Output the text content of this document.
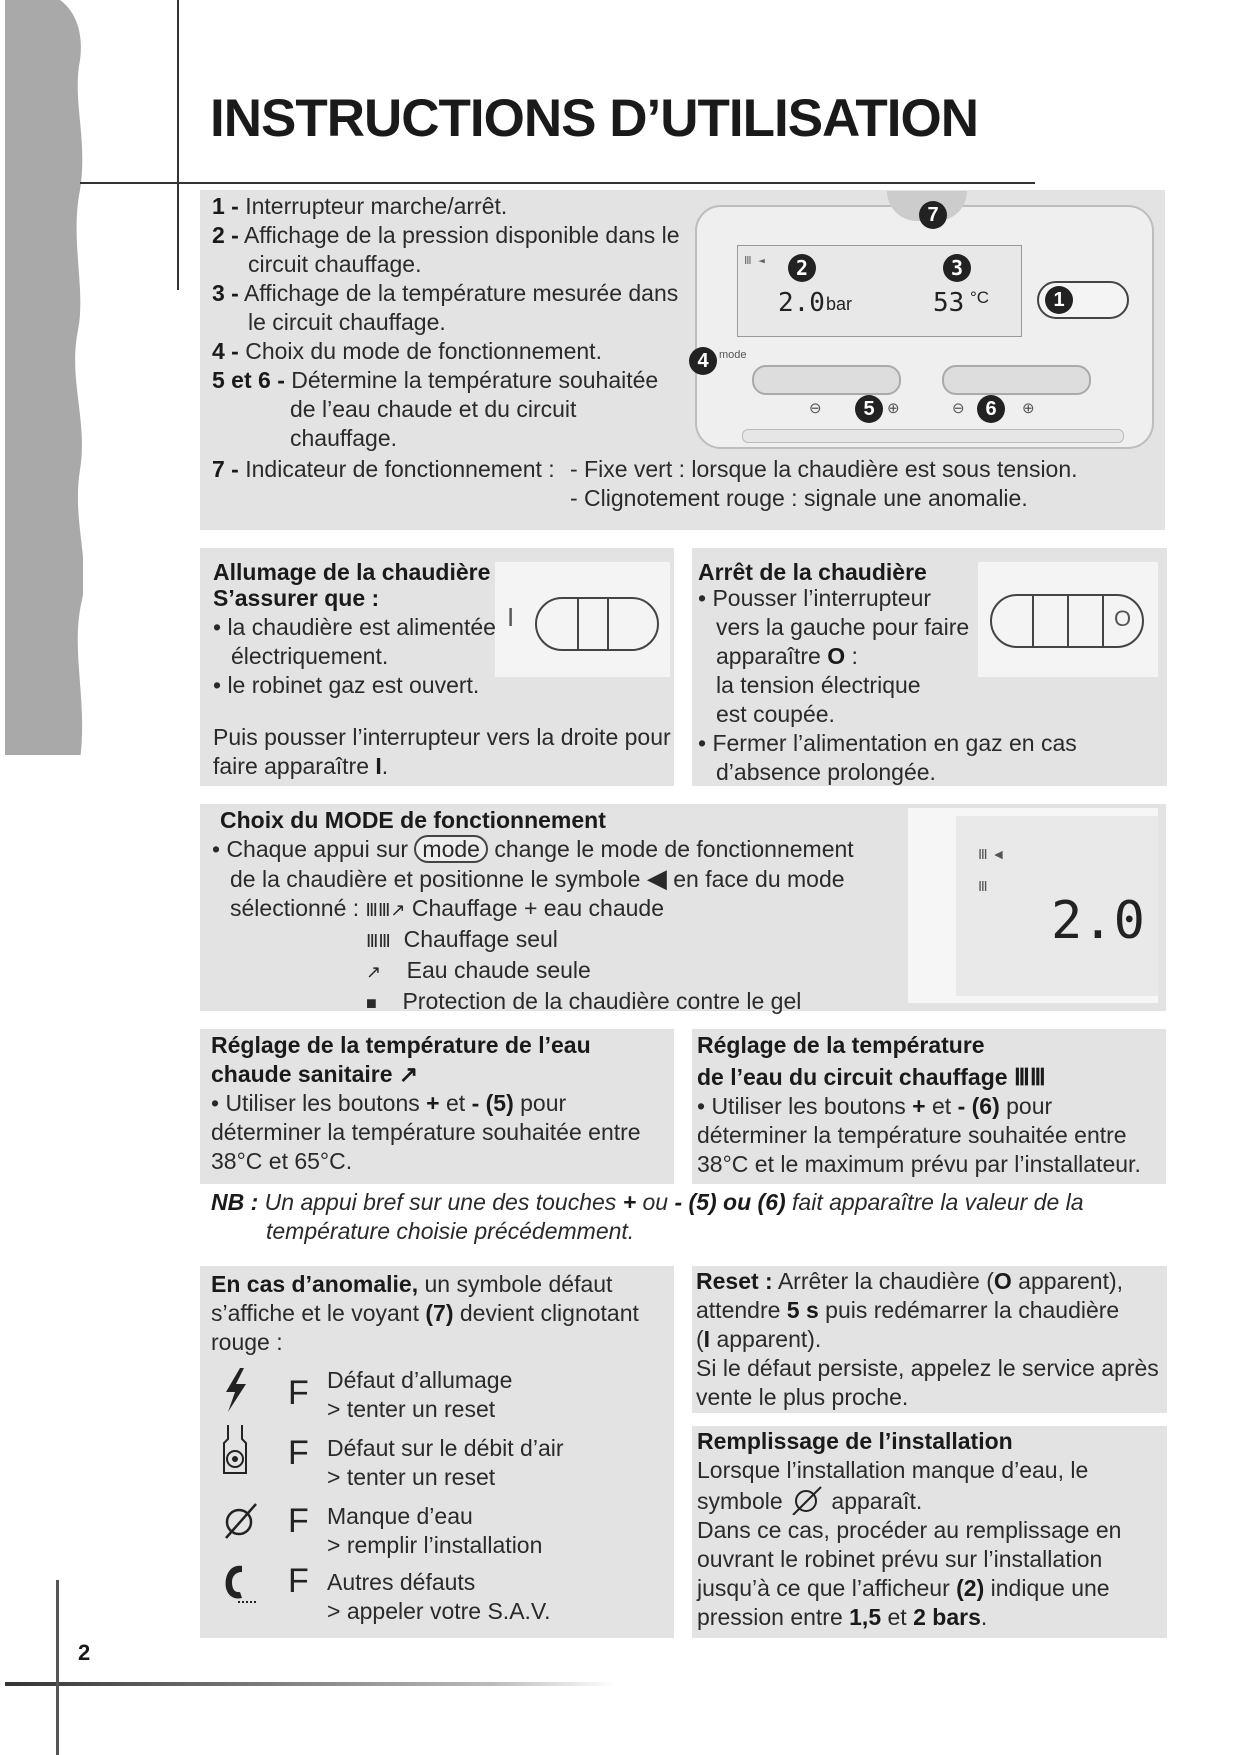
INSTRUCTIONS D’UTILISATION

1 - Interrupteur marche/arrêt.

2 - Affichage de la pression disponible dans le

circuit chauffage.

3 - Affichage de la température mesurée dans

le circuit chauffage.

4 - Choix du mode de fonctionnement.

5 et 6 - Détermine la température souhaitée

de l’eau chaude et du circuit

chauffage.

7 - Indicateur de fonctionnement : - Fixe vert : lorsque la chaudière est sous tension.
- Clignotement rouge : signale une anomalie.
7
Ⅲ ◄	2	3
2.0 bar	53 °C	1
4 mode
⊖	5 ⊕	⊖	6	⊕
I

Allumage de la chaudière

S’assurer que :

• la chaudière est alimentée

électriquement.

• le robinet gaz est ouvert.

Puis pousser l’interrupteur vers la droite pour

faire apparaître I.

O

Arrêt de la chaudière

• Pousser l’interrupteur

vers la gauche pour faire

apparaître O :

la tension électrique

est coupée.

• Fermer l’alimentation en gaz en cas

d’absence prolongée.

Ⅲ ◄
Ⅲ
2.0

Choix du MODE de fonctionnement

• Chaque appui sur mode change le mode de fonctionnement

de la chaudière et positionne le symbole ◀ en face du mode

sélectionné : ⅢⅢ↗ Chauffage + eau chaude

ⅢⅢ Chauffage seul

↗ Eau chaude seule

■ Protection de la chaudière contre le gel

Réglage de la température de l’eau

chaude sanitaire ↗

• Utiliser les boutons + et - (5) pour

déterminer la température souhaitée entre

38°C et 65°C.

Réglage de la température

de l’eau du circuit chauffage ⅢⅢ

• Utiliser les boutons + et - (6) pour

déterminer la température souhaitée entre

38°C et le maximum prévu par l’installateur.

NB : Un appui bref sur une des touches + ou - (5) ou (6) fait apparaître la valeur de la
température choisie précédemment.

En cas d’anomalie, un symbole défaut

s’affiche et le voyant (7) devient clignotant

rouge :

F Défaut d’allumage

> tenter un reset

F Défaut sur le débit d’air

> tenter un reset

F Manque d’eau

> remplir l’installation

F Autres défauts

> appeler votre S.A.V.

Reset : Arrêter la chaudière (O apparent),

attendre 5 s puis redémarrer la chaudière

(I apparent).

Si le défaut persiste, appelez le service après

vente le plus proche.

Remplissage de l’installation

Lorsque l’installation manque d’eau, le

symbole  apparaît.

Dans ce cas, procéder au remplissage en

ouvrant le robinet prévu sur l’installation

jusqu’à ce que l’afficheur (2) indique une

pression entre 1,5 et 2 bars.

2
